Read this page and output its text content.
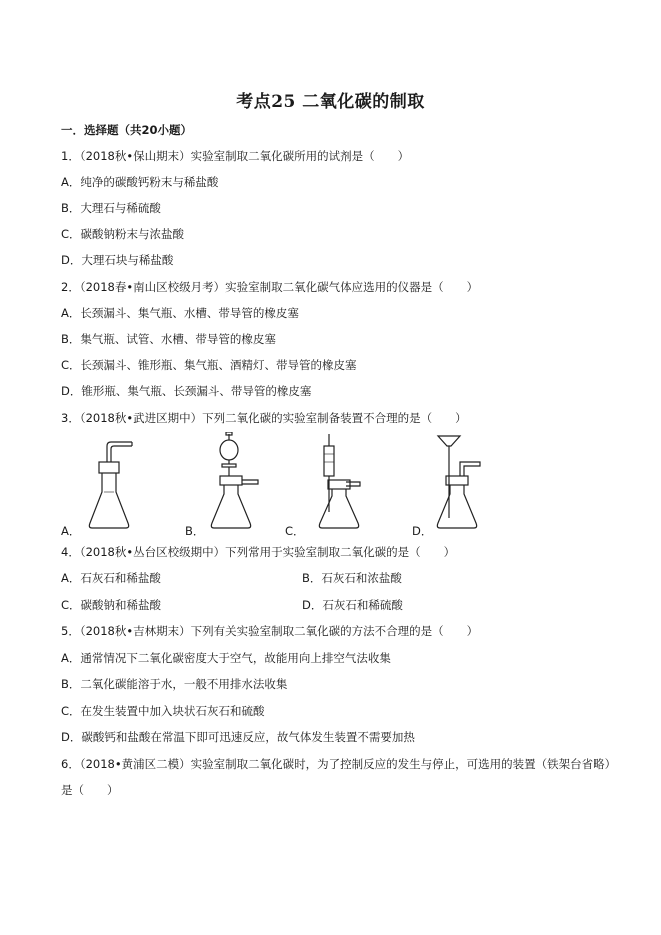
考点25 二氧化碳的制取
一．选择题（共20小题）
1．（2018秋•保山期末）实验室制取二氧化碳所用的试剂是（　　）
A．纯净的碳酸钙粉末与稀盐酸
B．大理石与稀硫酸
C．碳酸钠粉末与浓盐酸
D．大理石块与稀盐酸
2．（2018春•南山区校级月考）实验室制取二氧化碳气体应选用的仪器是（　　）
A．长颈漏斗、集气瓶、水槽、带导管的橡皮塞
B．集气瓶、试管、水槽、带导管的橡皮塞
C．长颈漏斗、锥形瓶、集气瓶、酒精灯、带导管的橡皮塞
D．锥形瓶、集气瓶、长颈漏斗、带导管的橡皮塞
3．（2018秋•武进区期中）下列二氧化碳的实验室制备装置不合理的是（　　）
A．	B．	C．	D．
4．（2018秋•丛台区校级期中）下列常用于实验室制取二氧化碳的是（　　）
A．石灰石和稀盐酸	B．石灰石和浓盐酸
C．碳酸钠和稀盐酸	D．石灰石和稀硫酸
5．（2018秋•吉林期末）下列有关实验室制取二氧化碳的方法不合理的是（　　）
A．通常情况下二氧化碳密度大于空气，故能用向上排空气法收集
B．二氧化碳能溶于水，一般不用排水法收集
C．在发生装置中加入块状石灰石和硫酸
D．碳酸钙和盐酸在常温下即可迅速反应，故气体发生装置不需要加热
6．（2018•黄浦区二模）实验室制取二氧化碳时，为了控制反应的发生与停止，可选用的装置（铁架台省略）
是（　　）
